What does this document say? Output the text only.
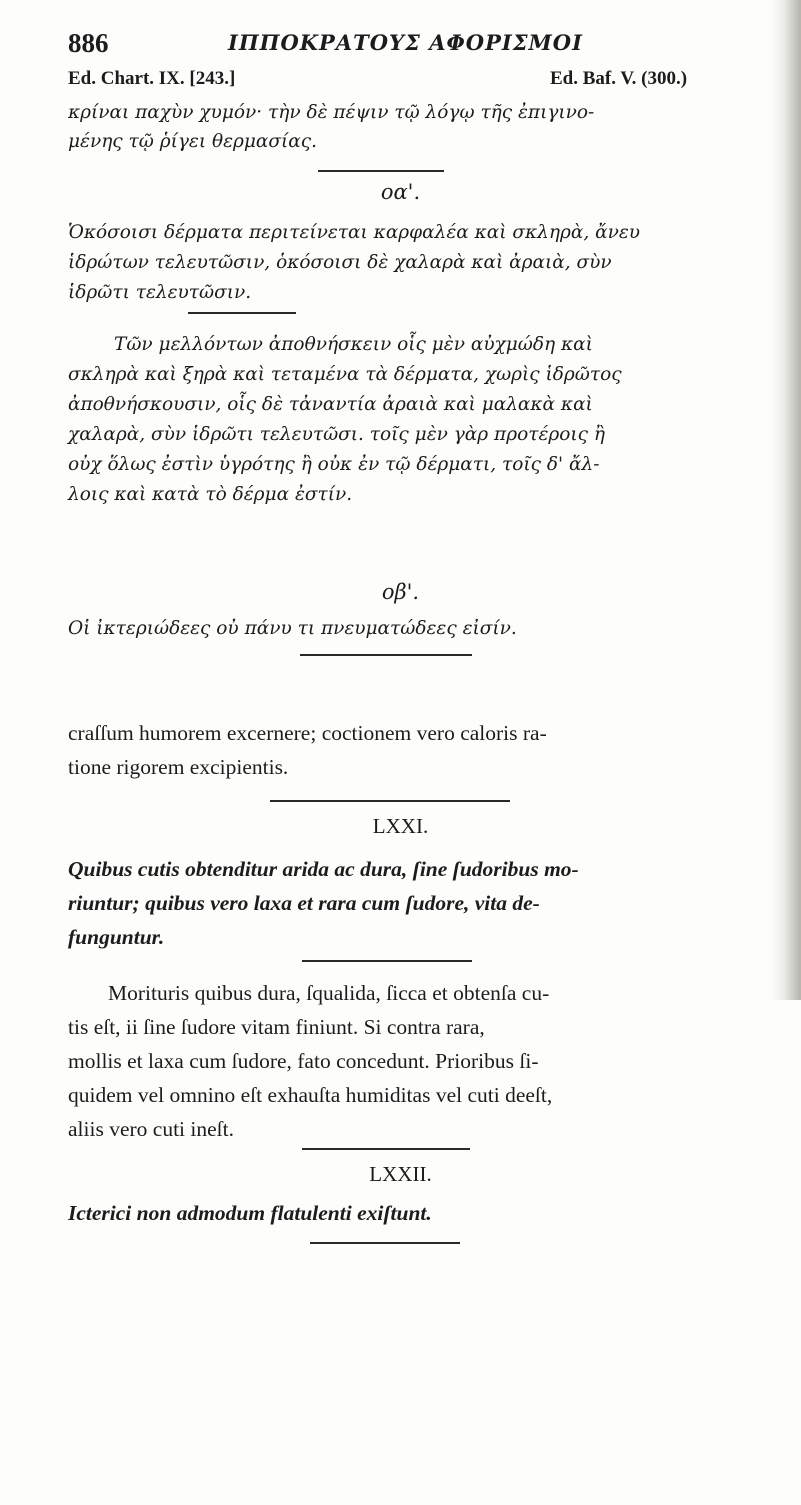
886	ΙΠΠΟΚΡΑΤΟΥΣ ΑΦΟΡΙΣΜΟΙ
Ed. Chart. IX. [243.]	Ed. Baf. V. (300.)
κρίναι παχὺν χυμόν· τὴν δὲ πέψιν τῷ λόγῳ τῆς ἐπιγινο-
μένης τῷ ῥίγει θερμασίας.
οα'.
Ὁκόσοισι δέρματα περιτείνεται καρφαλέα καὶ σκληρὰ, ἄνευ
ἱδρώτων τελευτῶσιν, ὁκόσοισι δὲ χαλαρὰ καὶ ἀραιὰ, σὺν
ἱδρῶτι τελευτῶσιν.
Τῶν μελλόντων ἀποθνήσκειν οἷς μὲν αὐχμώδη καὶ
σκληρὰ καὶ ξηρὰ καὶ τεταμένα τὰ δέρματα, χωρὶς ἱδρῶτος
ἀποθνήσκουσιν, οἷς δὲ τἀναντία ἀραιὰ καὶ μαλακὰ καὶ
χαλαρὰ, σὺν ἱδρῶτι τελευτῶσι. τοῖς μὲν γὰρ προτέροις ἢ
οὐχ ὅλως ἐστὶν ὑγρότης ἢ οὐκ ἐν τῷ δέρματι, τοῖς δ' ἄλ-
λοις καὶ κατὰ τὸ δέρμα ἐστίν.
οβ'.
Οἱ ἰκτεριώδεες οὐ πάνυ τι πνευματώδεες εἰσίν.
craſſum humorem excernere; coctionem vero caloris ra-
tione rigorem excipientis.
LXXI.
Quibus cutis obtenditur arida ac dura, ſine ſudoribus mo-
riuntur; quibus vero laxa et rara cum ſudore, vita de-
funguntur.
Morituris quibus dura, ſqualida, ſicca et obtenſa cu-
tis eſt, ii ſine ſudore vitam finiunt. Si contra rara,
mollis et laxa cum ſudore, fato concedunt. Prioribus ſi-
quidem vel omnino eſt exhauſta humiditas vel cuti deeſt,
aliis vero cuti ineſt.
LXXII.
Icterici non admodum flatulenti exiſtunt.
